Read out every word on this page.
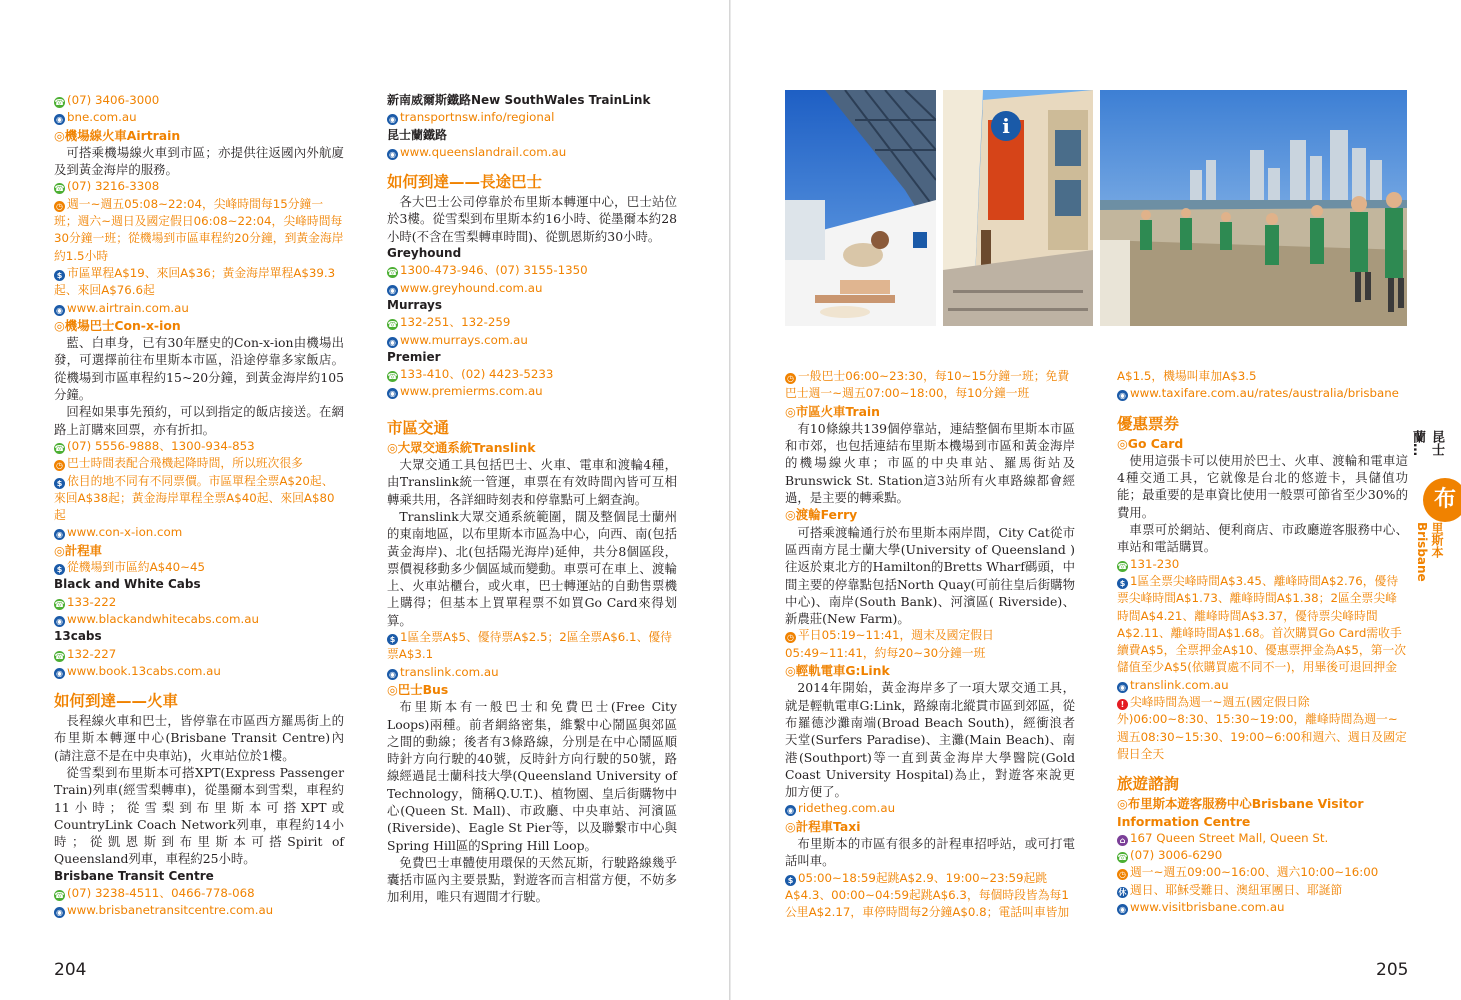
☎ (07) 3406-3000
◉ bne.com.au
◎機場線火車Airtrain
可搭乘機場線火車到市區；亦提供往返國內外航廈及到黃金海岸的服務。
☎ (07) 3216-3308
◷ 週一~週五05:08~22:04，尖峰時間每15分鐘一班；週六~週日及國定假日06:08~22:04，尖峰時間每30分鐘一班；從機場到市區車程約20分鐘，到黃金海岸約1.5小時
$ 市區單程A$19、來回A$36；黃金海岸單程A$39.3起、來回A$76.6起
◉ www.airtrain.com.au
◎機場巴士Con-x-ion
藍、白車身，已有30年歷史的Con-x-ion由機場出發，可選擇前往布里斯本市區，沿途停靠多家飯店。從機場到市區車程約15~20分鐘，到黃金海岸約105分鐘。
回程如果事先預約，可以到指定的飯店接送。在網路上訂購來回票，亦有折扣。
☎ (07) 5556-9888、1300-934-853
◷ 巴士時間表配合飛機起降時間，所以班次很多
$ 依目的地不同有不同票價。市區單程全票A$20起、來回A$38起；黃金海岸單程全票A$40起、來回A$80起
◉ www.con-x-ion.com
◎計程車
$ 從機場到市區約A$40~45
Black and White Cabs
☎ 133-222
◉ www.blackandwhitecabs.com.au
13cabs
☎ 132-227
◉ www.book.13cabs.com.au
如何到達——火車
長程線火車和巴士，皆停靠在市區西方羅馬街上的布里斯本轉運中心(Brisbane Transit Centre)內(請注意不是在中央車站)，火車站位於1樓。
從雪梨到布里斯本可搭XPT(Express Passenger Train)列車(經雪梨轉車)，從墨爾本到雪梨，車程約11小時；從雪梨到布里斯本可搭XPT或CountryLink Coach Network列車，車程約14小時；從凱恩斯到布里斯本可搭Spirit of Queensland列車，車程約25小時。
Brisbane Transit Centre
☎ (07) 3238-4511、0466-778-068
◉ www.brisbanetransitcentre.com.au
新南威爾斯鐵路New SouthWales TrainLink
◉ transportnsw.info/regional
昆士蘭鐵路
◉ www.queenslandrail.com.au
如何到達——長途巴士
各大巴士公司停靠於布里斯本轉運中心，巴士站位於3樓。從雪梨到布里斯本約16小時、從墨爾本約28小時(不含在雪梨轉車時間)、從凱恩斯約30小時。
Greyhound
☎ 1300-473-946、(07) 3155-1350
◉ www.greyhound.com.au
Murrays
☎ 132-251、132-259
◉ www.murrays.com.au
Premier
☎ 133-410、(02) 4423-5233
◉ www.premierms.com.au
市區交通
◎大眾交通系統Translink
大眾交通工具包括巴士、火車、電車和渡輪4種，由Translink統一管運，車票在有效時間內皆可互相轉乘共用，各詳細時刻表和停靠點可上網查詢。
Translink大眾交通系統範圍，闊及整個昆士蘭州的東南地區，以布里斯本市區為中心，向西、南(包括黃金海岸)、北(包括陽光海岸)延伸，共分8個區段，票價視移動多少個區域而變動。車票可在車上、渡輪上、火車站櫃台，或火車，巴士轉運站的自動售票機上購得；但基本上買單程票不如買Go Card來得划算。
$ 1區全票A$5、優待票A$2.5；2區全票A$6.1、優待票A$3.1
◉ translink.com.au
◎巴士Bus
布里斯本有一般巴士和免費巴士(Free City Loops)兩種。前者網絡密集，維繫中心鬧區與郊區之間的動線；後者有3條路線，分別是在中心鬧區順時針方向行駛的40號，反時針方向行駛的50號，路線經過昆士蘭科技大學(Queensland University of Technology，簡稱Q.U.T.)、植物園、皇后街購物中心(Queen St. Mall)、市政廳、中央車站、河濱區(Riverside)、Eagle St Pier等，以及聯繫市中心與Spring Hill區的Spring Hill Loop。
免費巴士車體使用環保的天然瓦斯，行駛路線幾乎囊括市區內主要景點，對遊客而言相當方便，不妨多加利用，唯只有週間才行駛。
204
i
◷ 一般巴士06:00~23:30，每10~15分鐘一班；免費巴士週一~週五07:00~18:00，每10分鐘一班
◎市區火車Train
有10條線共139個停靠站，連結整個布里斯本市區和市郊，也包括連結布里斯本機場到市區和黃金海岸的機場線火車；市區的中央車站、羅馬街站及Brunswick St. Station這3站所有火車路線都會經過，是主要的轉乘點。
◎渡輪Ferry
可搭乘渡輪通行於布里斯本兩岸間，City Cat從市區西南方昆士蘭大學(University of Queensland )往返於東北方的Hamilton的Bretts Wharf碼頭，中間主要的停靠點包括North Quay(可前往皇后街購物中心)、南岸(South Bank)、河濱區( Riverside)、新農莊(New Farm)。
◷ 平日05:19~11:41，週末及國定假日05:49~11:41，約每20~30分鐘一班
◎輕軌電車G:Link
2014年開始，黃金海岸多了一項大眾交通工具，就是輕軌電車G:Link，路線南北縱貫市區到郊區，從布羅德沙灘南端(Broad Beach South)，經衝浪者天堂(Surfers Paradise)、主灘(Main Beach)、南港(Southport)等一直到黃金海岸大學醫院(Gold Coast University Hospital)為止，對遊客來說更加方便了。
◉ ridetheg.com.au
◎計程車Taxi
布里斯本的市區有很多的計程車招呼站，或可打電話叫車。
$ 05:00~18:59起跳A$2.9、19:00~23:59起跳A$4.3、00:00~04:59起跳A$6.3，每個時段皆為每1公里A$2.17，車停時間每2分鐘A$0.8；電話叫車皆加
A$1.5，機場叫車加A$3.5
◉ www.taxifare.com.au/rates/australia/brisbane
優惠票券
◎Go Card
使用這張卡可以使用於巴士、火車、渡輪和電車這4種交通工具，它就像是台北的悠遊卡，具儲值功能；最重要的是車資比使用一般票可節省至少30%的費用。
車票可於網站、便利商店、市政廳遊客服務中心、車站和電話購買。
☎ 131-230
$ 1區全票尖峰時間A$3.45、離峰時間A$2.76，優待票尖峰時間A$1.73、離峰時間A$1.38；2區全票尖峰時間A$4.21、離峰時間A$3.37，優待票尖峰時間A$2.11、離峰時間A$1.68。首次購買Go Card需收手續費A$5，全票押金A$10、優惠票押金為A$5，第一次儲值至少A$5(依購買處不同不一)，用畢後可退回押金
◉ translink.com.au
! 尖峰時間為週一~週五(國定假日除外)06:00~8:30、15:30~19:00，離峰時間為週一~週五08:30~15:30、19:00~6:00和週六、週日及國定假日全天
旅遊諮詢
◎布里斯本遊客服務中心Brisbane Visitor Information Centre
⌂ 167 Queen Street Mall, Queen St.
☎ (07) 3006-6290
◷ 週一~週五09:00~16:00、週六10:00~16:00
休 週日、耶穌受難日、澳紐軍團日、耶誕節
◉ www.visitbrisbane.com.au
昆士蘭…
布
里斯本 Brisbane
205
